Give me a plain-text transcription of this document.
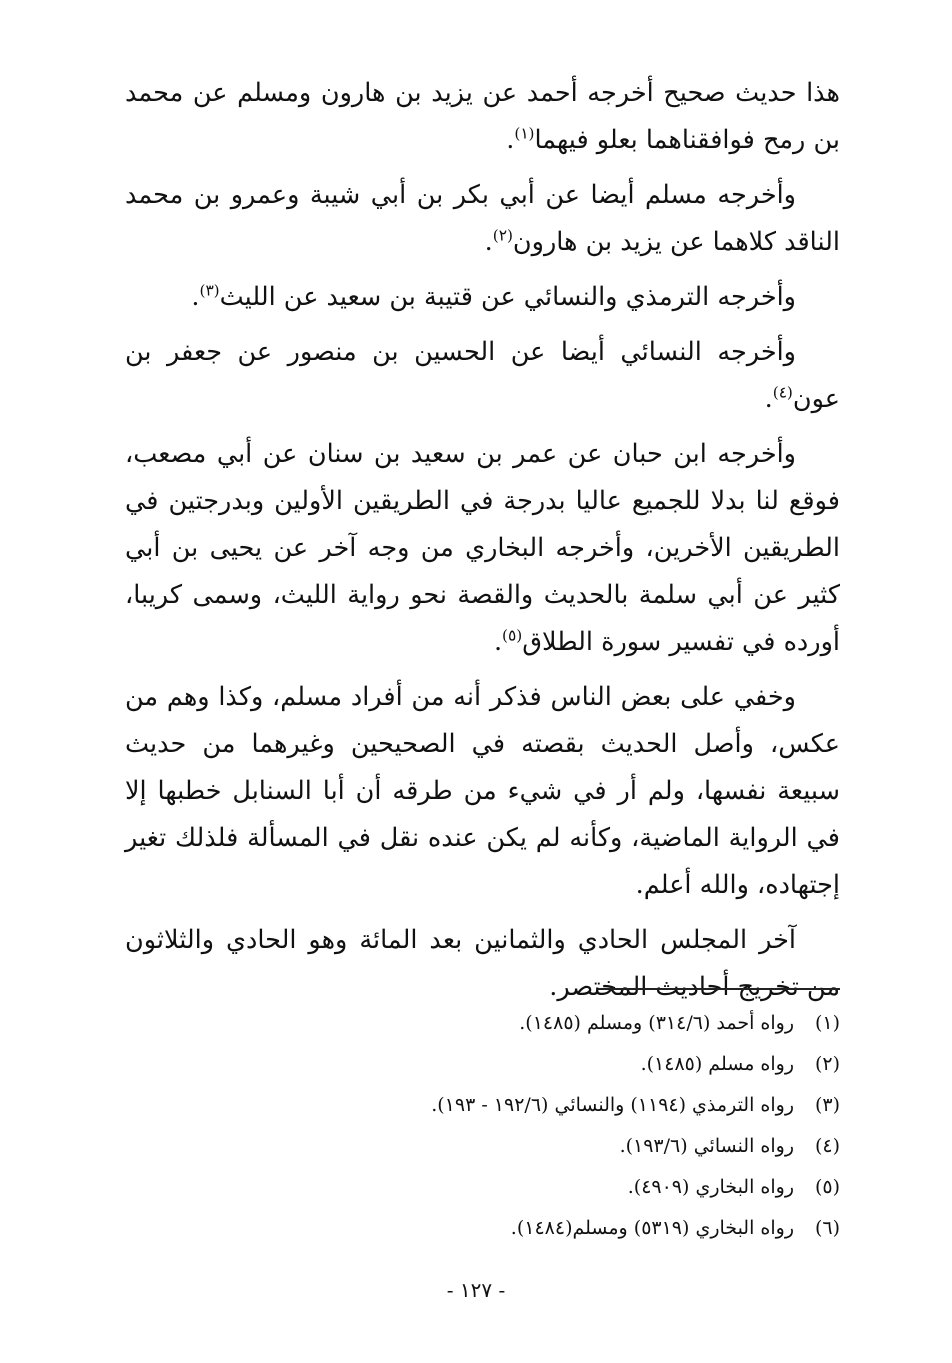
هذا حديث صحيح أخرجه أحمد عن يزيد بن هارون ومسلم عن محمد بن رمح فوافقناهما بعلو فيهما$^{(١)}$.

وأخرجه مسلم أيضا عن أبي بكر بن أبي شيبة وعمرو بن محمد الناقد كلاهما عن يزيد بن هارون$^{(٢)}$.

وأخرجه الترمذي والنسائي عن قتيبة بن سعيد عن الليث$^{(٣)}$.

وأخرجه النسائي أيضا عن الحسين بن منصور عن جعفر بن عون$^{(٤)}$.

وأخرجه ابن حبان عن عمر بن سعيد بن سنان عن أبي مصعب، فوقع لنا بدلا للجميع عاليا بدرجة في الطريقين الأولين وبدرجتين في الطريقين الأخرين، وأخرجه البخاري من وجه آخر عن يحيى بن أبي كثير عن أبي سلمة بالحديث والقصة نحو رواية الليث، وسمى كريبا، أورده في تفسير سورة الطلاق$^{(٥)}$.

وخفي على بعض الناس فذكر أنه من أفراد مسلم، وكذا وهم من عكس، وأصل الحديث بقصته في الصحيحين وغيرهما من حديث سبيعة نفسها، ولم أر في شيء من طرقه أن أبا السنابل خطبها إلا في الرواية الماضية، وكأنه لم يكن عنده نقل في المسألة فلذلك تغير إجتهاده، والله أعلم.

آخر المجلس الحادي والثمانين بعد المائة وهو الحادي والثلاثون من تخريج أحاديث المختصر.

(١)رواه أحمد (٣١٤/٦) ومسلم (١٤٨٥).
(٢)رواه مسلم (١٤٨٥).
(٣)رواه الترمذي (١١٩٤) والنسائي (١٩٢/٦ - ١٩٣).
(٤)رواه النسائي (١٩٣/٦).
(٥)رواه البخاري (٤٩٠٩).
(٦)رواه البخاري (٥٣١٩) ومسلم(١٤٨٤).
- ١٢٧ -
